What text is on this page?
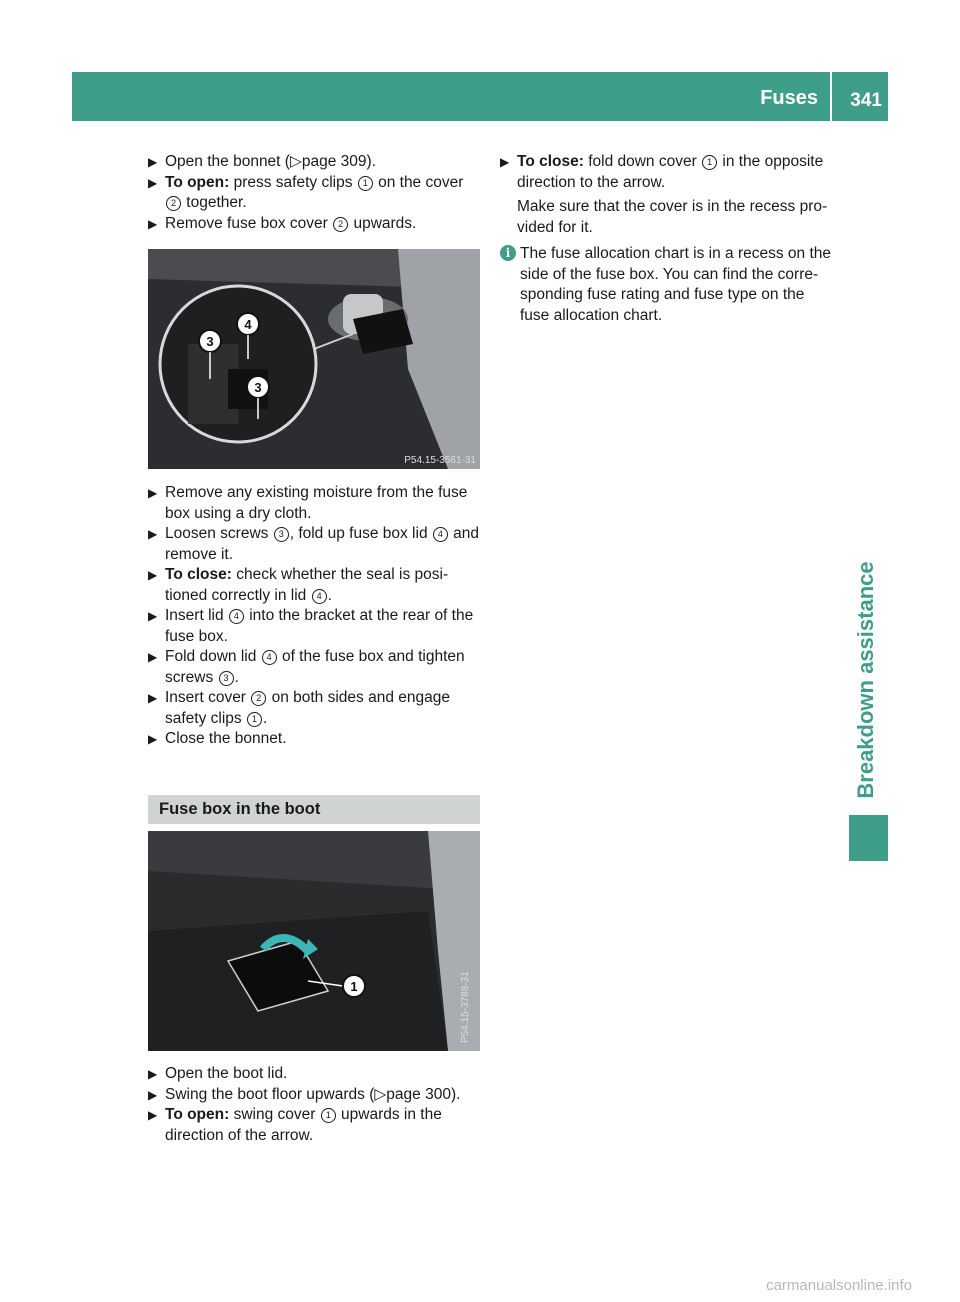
Fuses 341
Breakdown assistance
▶ Open the bonnet (▷page 309).
▶ To open: press safety clips 1 on the cover 2 together.
▶ Remove fuse box cover 2 upwards.
3
4
3
P54.15-3561-31
▶ Remove any existing moisture from the fuse box using a dry cloth.
▶ Loosen screws 3 , fold up fuse box lid 4 and remove it.
▶ To close: check whether the seal is positioned correctly in lid 4 .
▶ Insert lid 4 into the bracket at the rear of the fuse box.
▶ Fold down lid 4 of the fuse box and tighten screws 3 .
▶ Insert cover 2 on both sides and engage safety clips 1 .
▶ Close the bonnet.
Fuse box in the boot
1	P54.15-3788-31
▶ Open the boot lid.
▶ Swing the boot floor upwards (▷page 300).
▶ To open: swing cover 1 upwards in the direction of the arrow.
▶ To close: fold down cover 1 in the opposite direction to the arrow.
Make sure that the cover is in the recess provided for it.
i The fuse allocation chart is in a recess on the side of the fuse box. You can find the corresponding fuse rating and fuse type on the fuse allocation chart.
carmanualsonline.info
